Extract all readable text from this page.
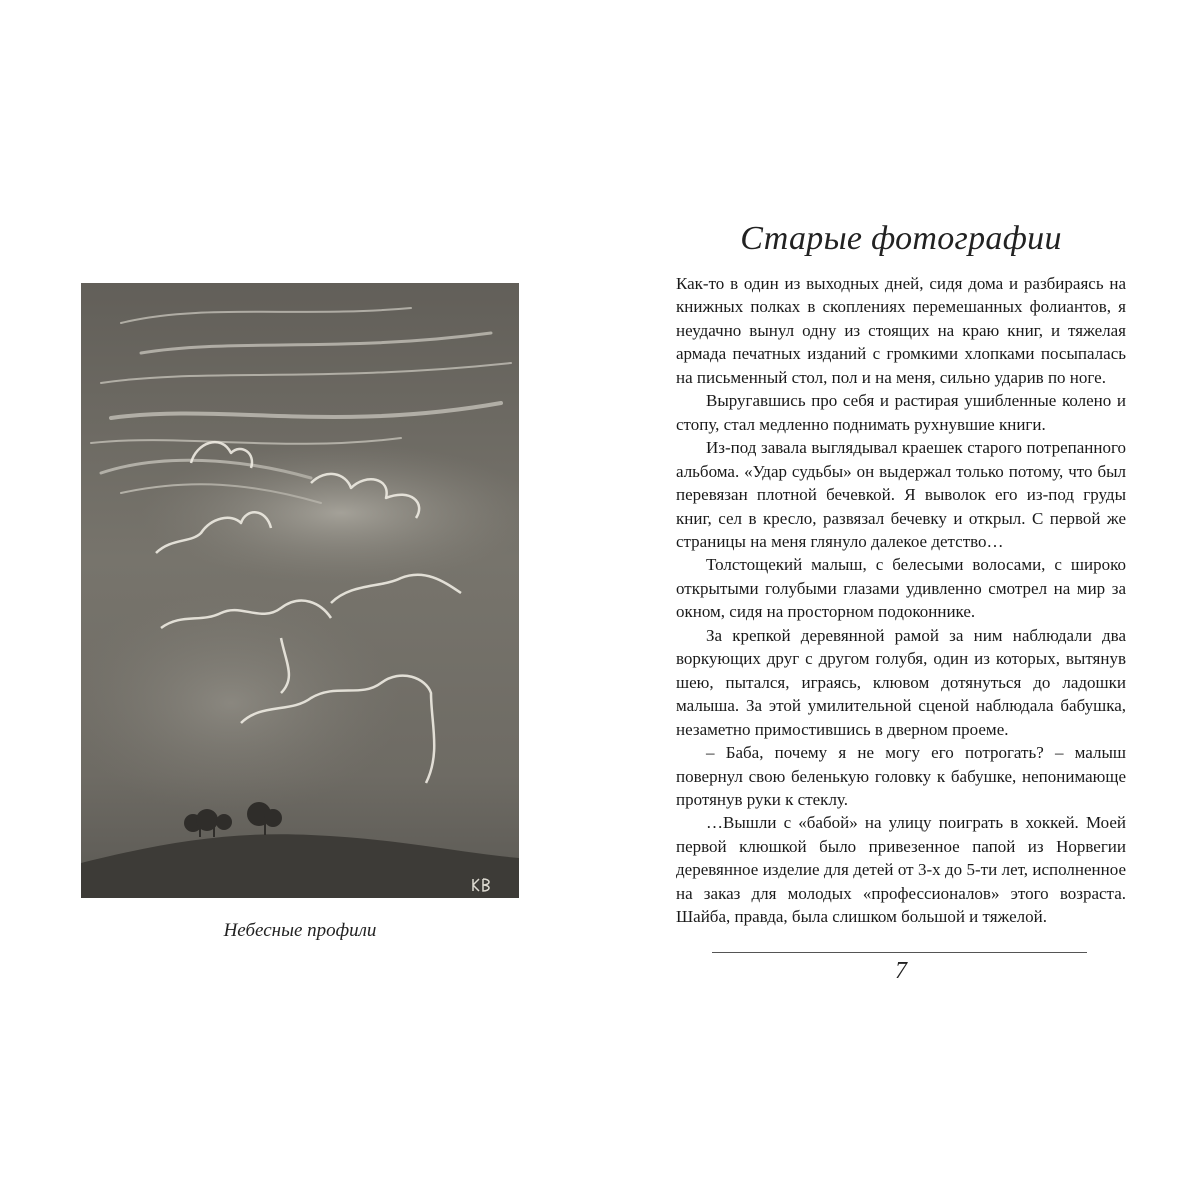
Небесные профили
Старые фотографии

Как-то в один из выходных дней, сидя дома и разбираясь на книжных полках в скоплениях перемешанных фолиантов, я неудачно вынул одну из стоящих на краю книг, и тяжелая армада печатных изданий с громкими хлопками посыпалась на письменный стол, пол и на меня, сильно ударив по ноге.

Выругавшись про себя и растирая ушибленные колено и стопу, стал медленно поднимать рухнувшие книги.

Из-под завала выглядывал краешек старого потрепанного альбома. «Удар судьбы» он выдержал только потому, что был перевязан плотной бечевкой. Я выволок его из-под груды книг, сел в кресло, развязал бечевку и открыл. С первой же страницы на меня глянуло далекое детство…

Толстощекий малыш, с белесыми волосами, с широко открытыми голубыми глазами удивленно смотрел на мир за окном, сидя на просторном подоконнике.

За крепкой деревянной рамой за ним наблюдали два воркующих друг с другом голубя, один из которых, вытянув шею, пытался, играясь, клювом дотянуться до ладошки малыша. За этой умилительной сценой наблюдала бабушка, незаметно примостившись в дверном проеме.

– Баба, почему я не могу его потрогать? – малыш повернул свою беленькую головку к бабушке, непонимающе протянув руки к стеклу.

…Вышли с «бабой» на улицу поиграть в хоккей. Моей первой клюшкой было привезенное папой из Норвегии деревянное изделие для детей от 3-х до 5-ти лет, исполненное на заказ для молодых «профессионалов» этого возраста. Шайба, правда, была слишком большой и тяжелой.

7
